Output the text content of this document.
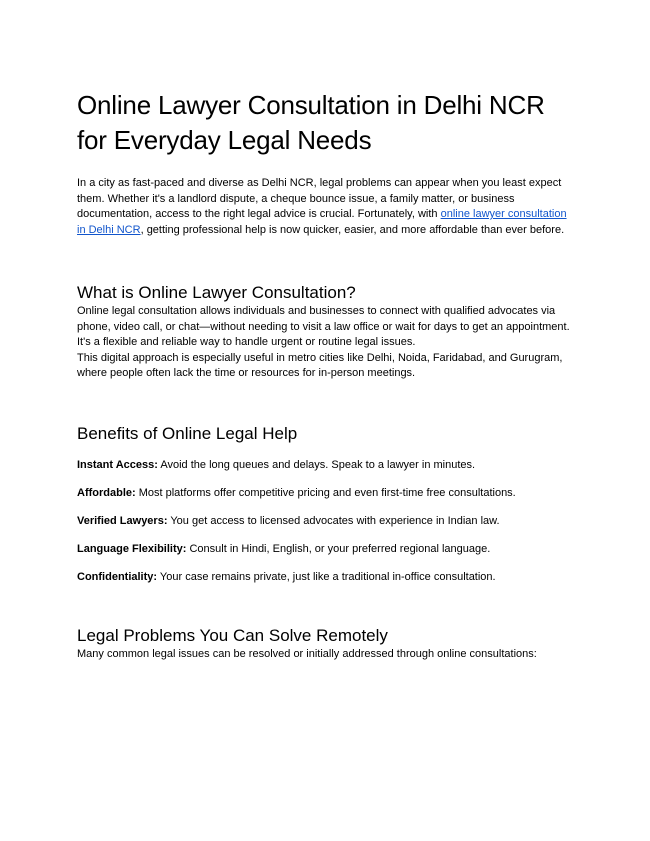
Online Lawyer Consultation in Delhi NCR for Everyday Legal Needs

In a city as fast-paced and diverse as Delhi NCR, legal problems can appear when you least expect them. Whether it's a landlord dispute, a cheque bounce issue, a family matter, or business documentation, access to the right legal advice is crucial. Fortunately, with online lawyer consultation in Delhi NCR, getting professional help is now quicker, easier, and more affordable than ever before.

What is Online Lawyer Consultation?

Online legal consultation allows individuals and businesses to connect with qualified advocates via phone, video call, or chat—without needing to visit a law office or wait for days to get an appointment. It's a flexible and reliable way to handle urgent or routine legal issues.

This digital approach is especially useful in metro cities like Delhi, Noida, Faridabad, and Gurugram, where people often lack the time or resources for in-person meetings.

Benefits of Online Legal Help

Instant Access: Avoid the long queues and delays. Speak to a lawyer in minutes.

Affordable: Most platforms offer competitive pricing and even first-time free consultations.

Verified Lawyers: You get access to licensed advocates with experience in Indian law.

Language Flexibility: Consult in Hindi, English, or your preferred regional language.

Confidentiality: Your case remains private, just like a traditional in-office consultation.

Legal Problems You Can Solve Remotely

Many common legal issues can be resolved or initially addressed through online consultations:
